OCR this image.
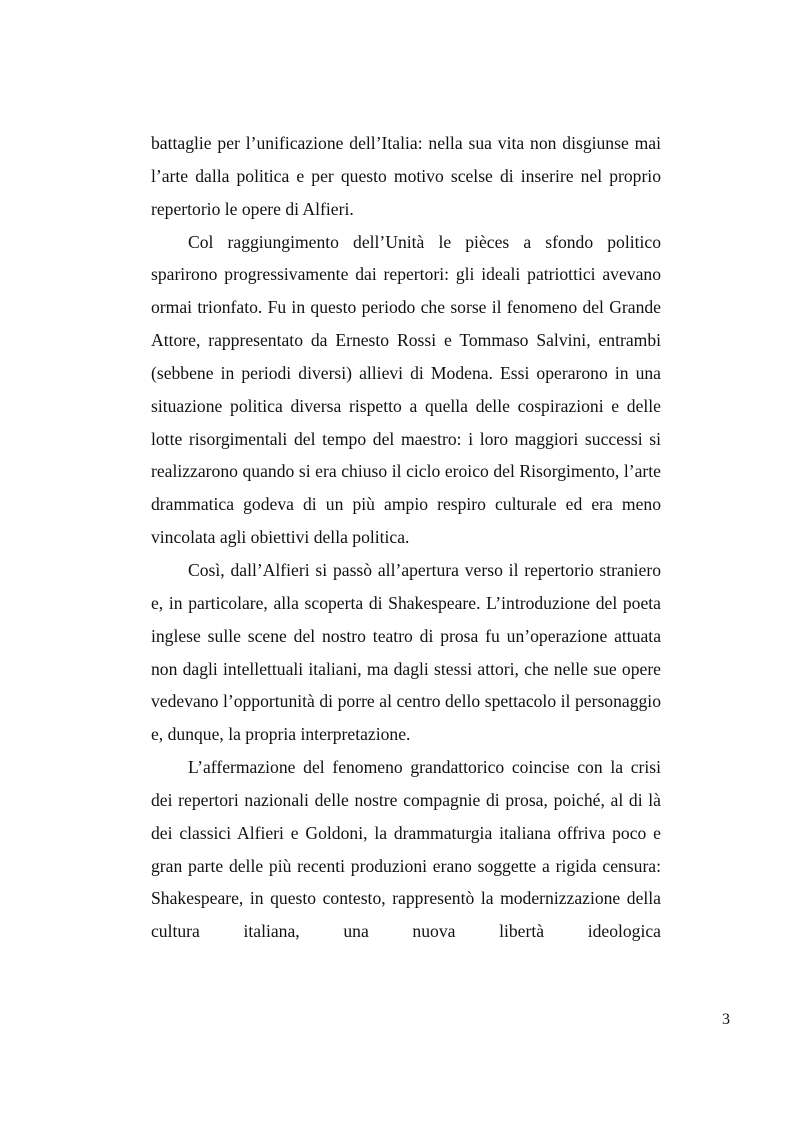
battaglie per l’unificazione dell’Italia: nella sua vita non disgiunse mai l’arte dalla politica e per questo motivo scelse di inserire nel proprio repertorio le opere di Alfieri.

Col raggiungimento dell’Unità le pièces a sfondo politico sparirono progressivamente dai repertori: gli ideali patriottici avevano ormai trionfato. Fu in questo periodo che sorse il fenomeno del Grande Attore, rappresentato da Ernesto Rossi e Tommaso Salvini, entrambi (sebbene in periodi diversi) allievi di Modena. Essi operarono in una situazione politica diversa rispetto a quella delle cospirazioni e delle lotte risorgimentali del tempo del maestro: i loro maggiori successi si realizzarono quando si era chiuso il ciclo eroico del Risorgimento, l’arte drammatica godeva di un più ampio respiro culturale ed era meno vincolata agli obiettivi della politica.

Così, dall’Alfieri si passò all’apertura verso il repertorio straniero e, in particolare, alla scoperta di Shakespeare. L’introduzione del poeta inglese sulle scene del nostro teatro di prosa fu un’operazione attuata non dagli intellettuali italiani, ma dagli stessi attori, che nelle sue opere vedevano l’opportunità di porre al centro dello spettacolo il personaggio e, dunque, la propria interpretazione.

L’affermazione del fenomeno grandattorico coincise con la crisi dei repertori nazionali delle nostre compagnie di prosa, poiché, al di là dei classici Alfieri e Goldoni, la drammaturgia italiana offriva poco e gran parte delle più recenti produzioni erano soggette a rigida censura: Shakespeare, in questo contesto, rappresentò la modernizzazione della cultura italiana, una nuova libertà ideologica

3
